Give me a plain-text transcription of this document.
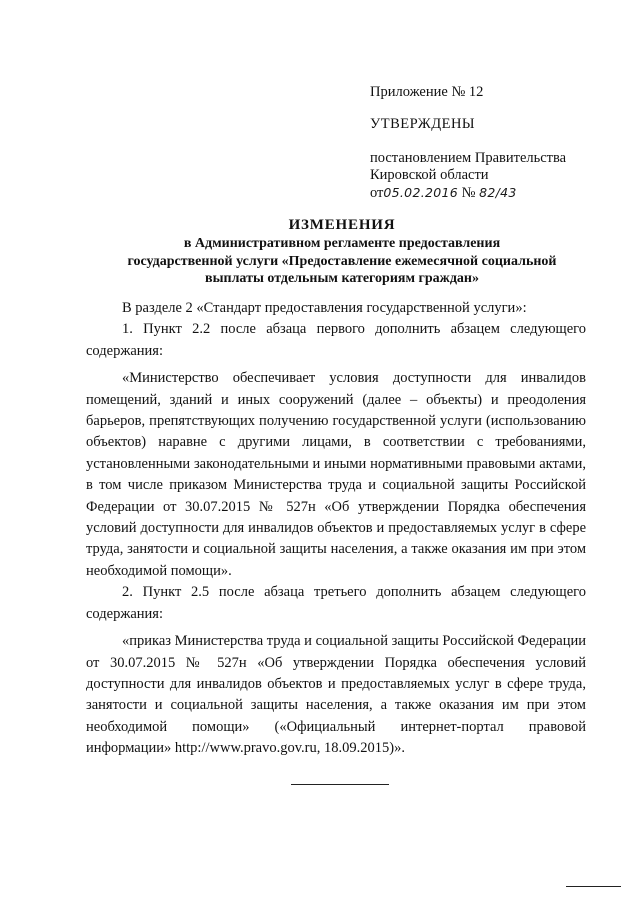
Приложение № 12

УТВЕРЖДЕНЫ

постановлением Правительства
Кировской области
от05.02.2016 № 82/43

ИЗМЕНЕНИЯ
в Административном регламенте предоставления
государственной услуги «Предоставление ежемесячной социальной
выплаты отдельным категориям граждан»

В разделе 2 «Стандарт предоставления государственной услуги»:

1. Пункт 2.2 после абзаца первого дополнить абзацем следующего содержания:

«Министерство обеспечивает условия доступности для инвалидов помещений, зданий и иных сооружений (далее – объекты) и преодоления барьеров, препятствующих получению государственной услуги (использованию объектов) наравне с другими лицами, в соответствии с требованиями, установленными законодательными и иными нормативными правовыми актами, в том числе приказом Министерства труда и социальной защиты Российской Федерации от 30.07.2015 № 527н «Об утверждении Порядка обеспечения условий доступности для инвалидов объектов и предоставляемых услуг в сфере труда, занятости и социальной защиты населения, а также оказания им при этом необходимой помощи».

2. Пункт 2.5 после абзаца третьего дополнить абзацем следующего содержания:

«приказ Министерства труда и социальной защиты Российской Федерации от 30.07.2015 № 527н «Об утверждении Порядка обеспечения условий доступности для инвалидов объектов и предоставляемых услуг в сфере труда, занятости и социальной защиты населения, а также оказания им при этом необходимой помощи» («Официальный интернет-портал правовой информации» http://www.pravo.gov.ru, 18.09.2015)».
